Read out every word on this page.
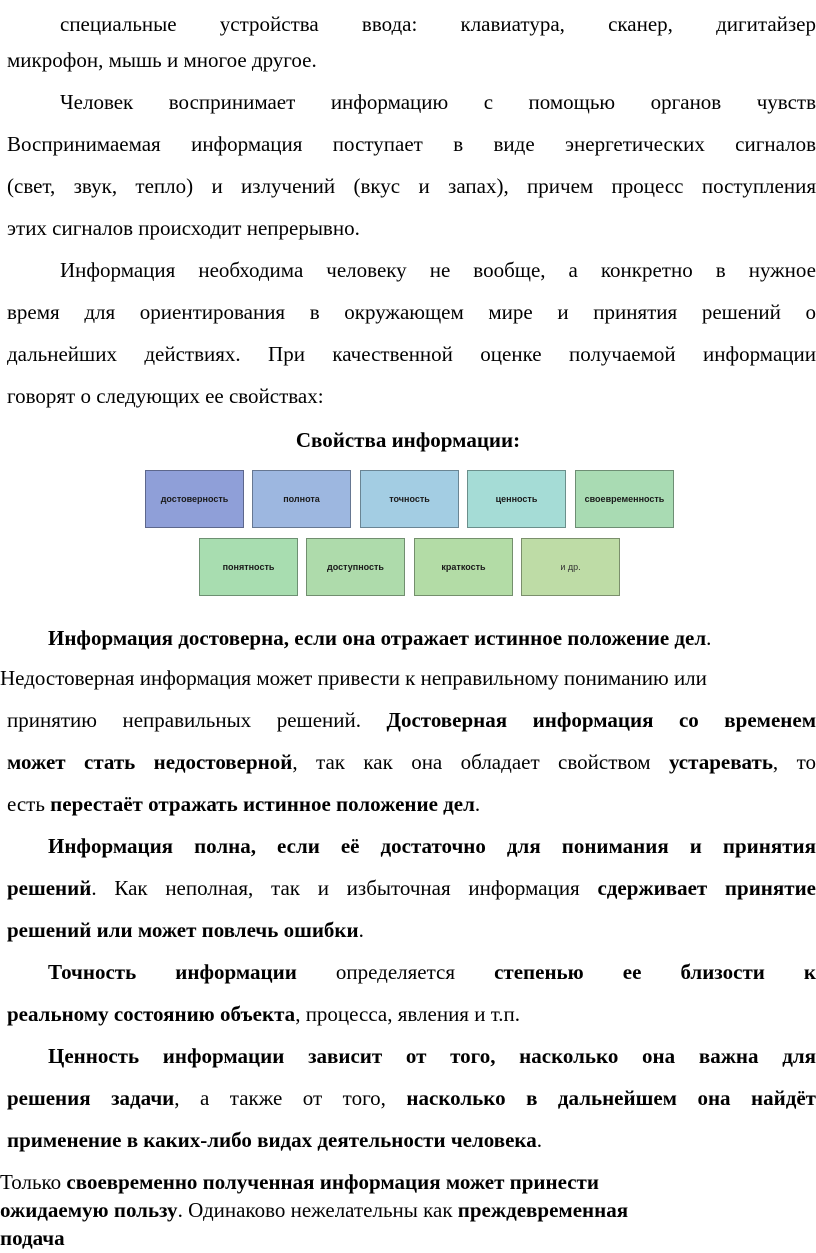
специальные устройства ввода: клавиатура, сканер, дигитайзер
микрофон, мышь и многое другое.
Человек воспринимает информацию с помощью органов чувств
Воспринимаемая информация поступает в виде энергетических сигналов
(свет, звук, тепло) и излучений (вкус и запах), причем процесс поступления
этих сигналов происходит непрерывно.
Информация необходима человеку не вообще, а конкретно в нужное
время для ориентирования в окружающем мире и принятия решений о
дальнейших действиях. При качественной оценке получаемой информации
говорят о следующих ее свойствах:
Свойства информации:
достоверность	полнота	точность	ценность	своевременность
понятность	доступность	краткость	и др.
Информация достоверна, если она отражает истинное положение дел.
Недостоверная информация может привести к неправильному пониманию или
принятию неправильных решений. Достоверная информация со временем
может стать недостоверной, так как она обладает свойством устаревать, то
есть перестаёт отражать истинное положение дел.
Информация полна, если её достаточно для понимания и принятия
решений. Как неполная, так и избыточная информация сдерживает принятие
решений или может повлечь ошибки.
Точность информации определяется степенью ее близости к
реальному состоянию объекта, процесса, явления и т.п.
Ценность информации зависит от того, насколько она важна для
решения задачи, а также от того, насколько в дальнейшем она найдёт
применение в каких-либо видах деятельности человека.
Только своевременно полученная информация может принести
ожидаемую пользу. Одинаково нежелательны как преждевременная
подача
